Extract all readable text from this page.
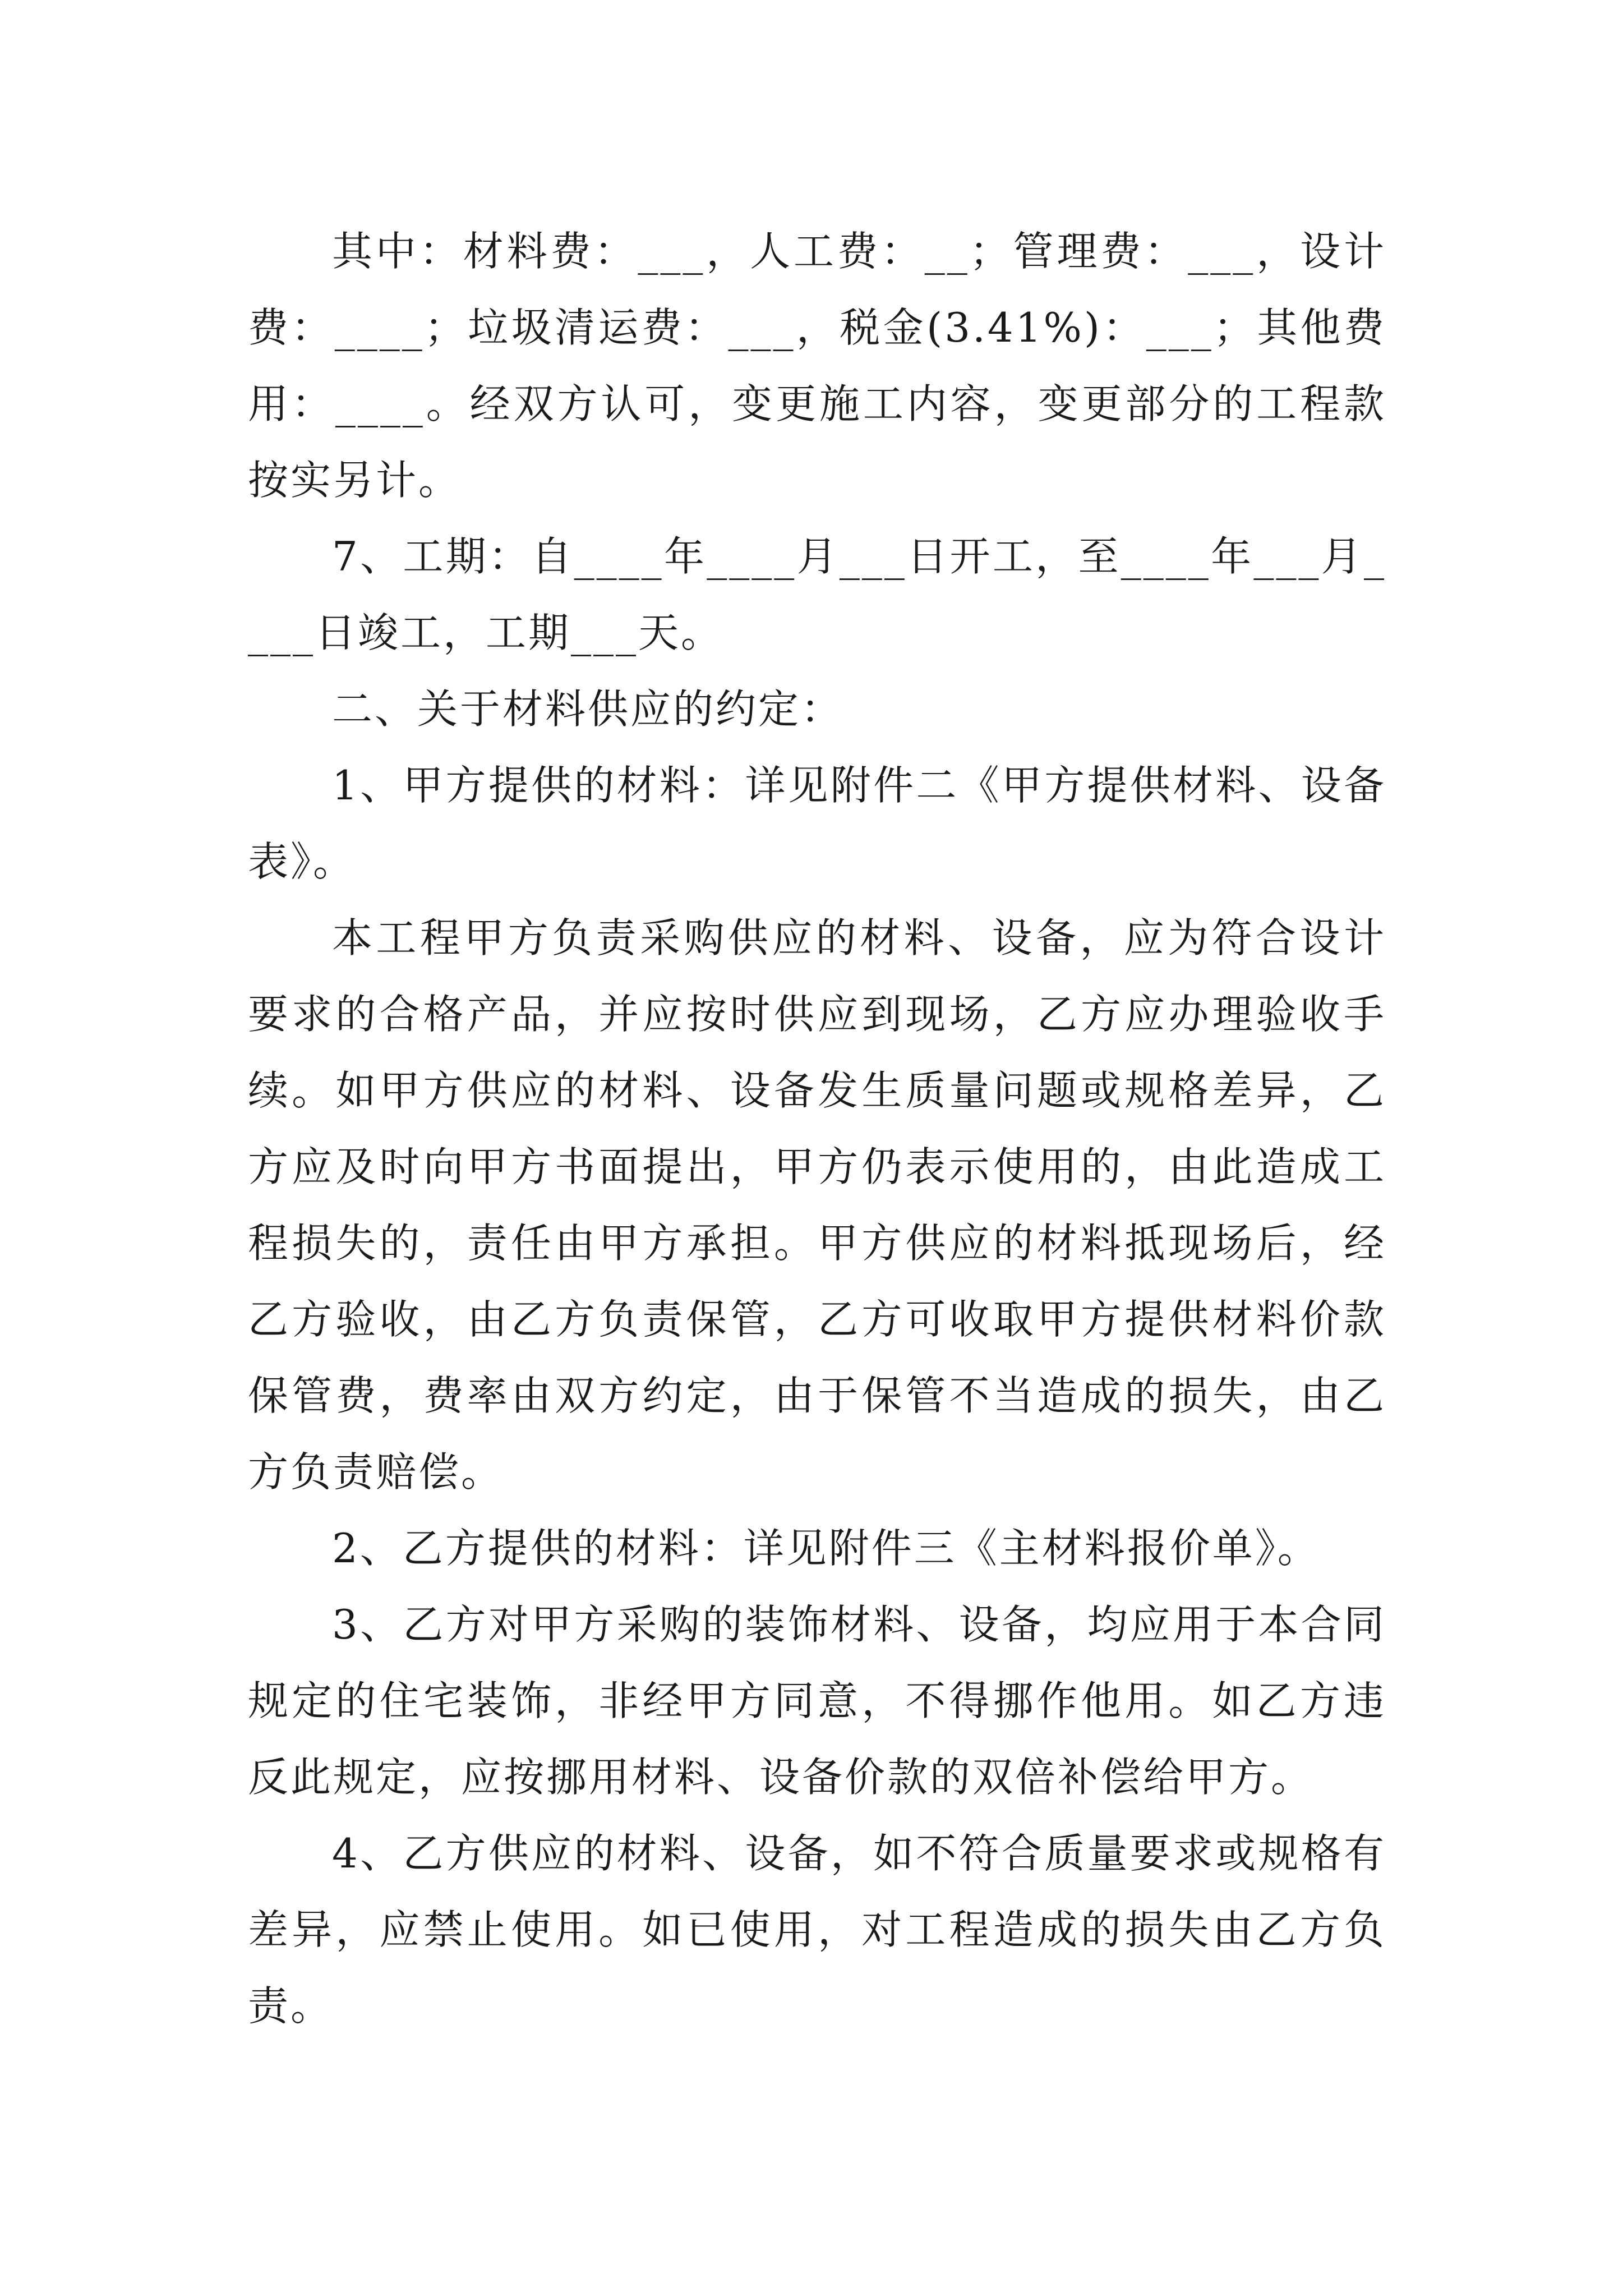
其中：材料费：___，人工费：__；管理费：___，设计费：____；垃圾清运费：___，税金(3.41%)：___；其他费用：____。经双方认可，变更施工内容，变更部分的工程款按实另计。

7、工期：自____年____月___日开工，至____年___月____日竣工，工期___天。

二、关于材料供应的约定：

1、甲方提供的材料：详见附件二《甲方提供材料、设备表》。

本工程甲方负责采购供应的材料、设备，应为符合设计要求的合格产品，并应按时供应到现场，乙方应办理验收手续。如甲方供应的材料、设备发生质量问题或规格差异，乙方应及时向甲方书面提出，甲方仍表示使用的，由此造成工程损失的，责任由甲方承担。甲方供应的材料抵现场后，经乙方验收，由乙方负责保管，乙方可收取甲方提供材料价款保管费，费率由双方约定，由于保管不当造成的损失，由乙方负责赔偿。

2、乙方提供的材料：详见附件三《主材料报价单》。

3、乙方对甲方采购的装饰材料、设备，均应用于本合同规定的住宅装饰，非经甲方同意，不得挪作他用。如乙方违反此规定，应按挪用材料、设备价款的双倍补偿给甲方。

4、乙方供应的材料、设备，如不符合质量要求或规格有差异，应禁止使用。如已使用，对工程造成的损失由乙方负责。
